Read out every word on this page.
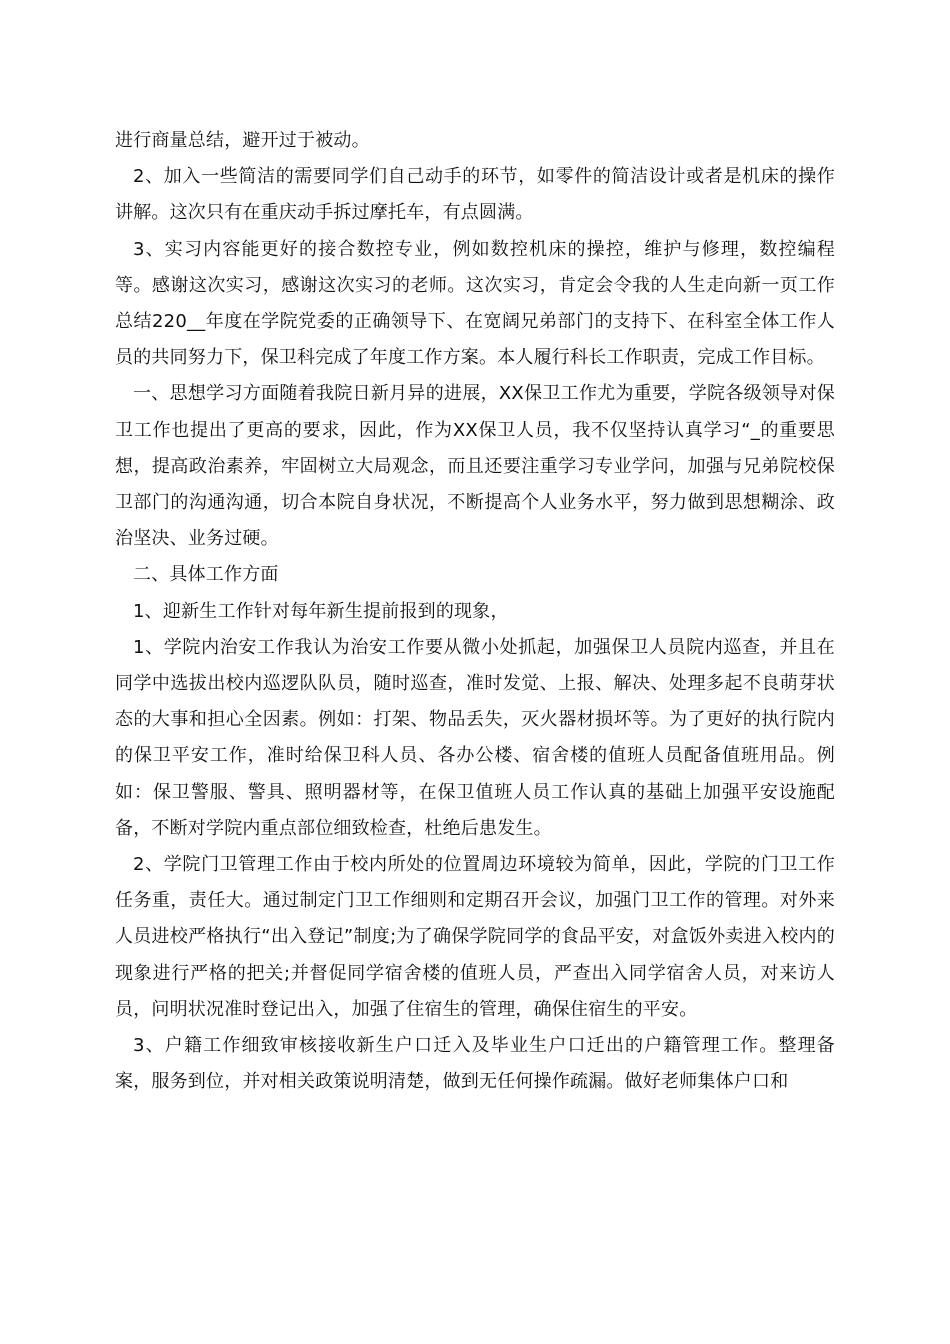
进行商量总结，避开过于被动。

2、加入一些简洁的需要同学们自己动手的环节，如零件的简洁设计或者是机床的操作讲解。这次只有在重庆动手拆过摩托车，有点圆满。

3、实习内容能更好的接合数控专业，例如数控机床的操控，维护与修理，数控编程等。感谢这次实习，感谢这次实习的老师。这次实习，肯定会令我的人生走向新一页工作总结220__年度在学院党委的正确领导下、在宽阔兄弟部门的支持下、在科室全体工作人员的共同努力下，保卫科完成了年度工作方案。本人履行科长工作职责，完成工作目标。

一、思想学习方面随着我院日新月异的进展，XX保卫工作尤为重要，学院各级领导对保卫工作也提出了更高的要求，因此，作为XX保卫人员，我不仅坚持认真学习“_的重要思想，提高政治素养，牢固树立大局观念，而且还要注重学习专业学问，加强与兄弟院校保卫部门的沟通沟通，切合本院自身状况，不断提高个人业务水平，努力做到思想糊涂、政治坚决、业务过硬。

二、具体工作方面

1、迎新生工作针对每年新生提前报到的现象，

1、学院内治安工作我认为治安工作要从微小处抓起，加强保卫人员院内巡查，并且在同学中选拔出校内巡逻队队员，随时巡查，准时发觉、上报、解决、处理多起不良萌芽状态的大事和担心全因素。例如：打架、物品丢失，灭火器材损坏等。为了更好的执行院内的保卫平安工作，准时给保卫科人员、各办公楼、宿舍楼的值班人员配备值班用品。例如：保卫警服、警具、照明器材等，在保卫值班人员工作认真的基础上加强平安设施配备，不断对学院内重点部位细致检查，杜绝后患发生。

2、学院门卫管理工作由于校内所处的位置周边环境较为简单，因此，学院的门卫工作任务重，责任大。通过制定门卫工作细则和定期召开会议，加强门卫工作的管理。对外来人员进校严格执行“出入登记”制度;为了确保学院同学的食品平安，对盒饭外卖进入校内的现象进行严格的把关;并督促同学宿舍楼的值班人员，严查出入同学宿舍人员，对来访人员，问明状况准时登记出入，加强了住宿生的管理，确保住宿生的平安。

3、户籍工作细致审核接收新生户口迁入及毕业生户口迁出的户籍管理工作。整理备案，服务到位，并对相关政策说明清楚，做到无任何操作疏漏。做好老师集体户口和
